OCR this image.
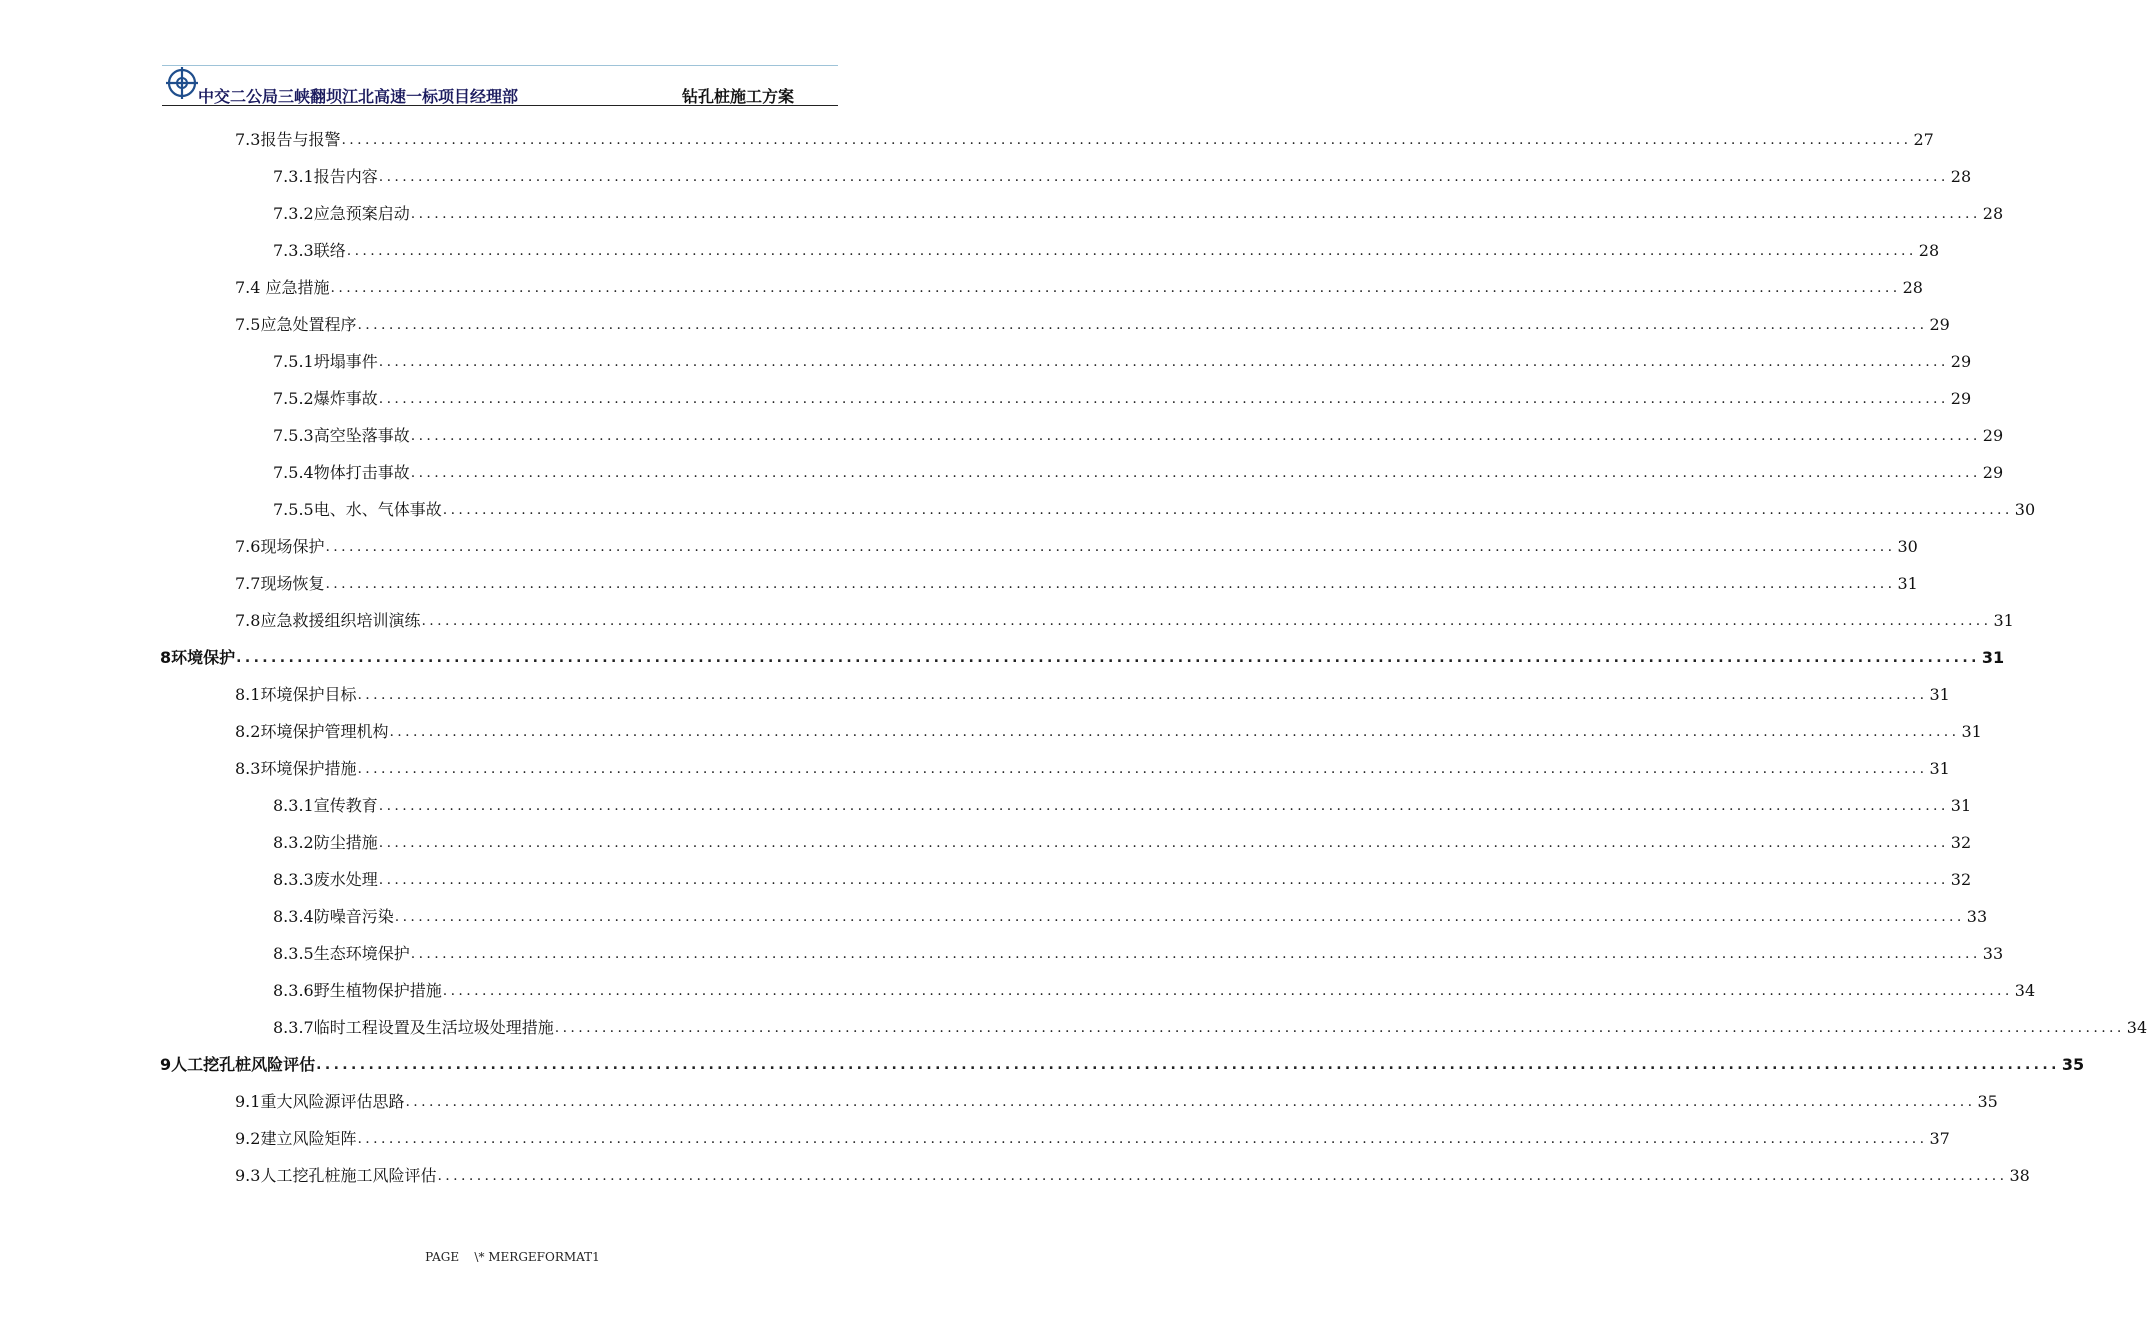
中交二公局三峡翻坝江北高速一标项目经理部	钻孔桩施工方案
7.3报告与报警 ........................................................................................................................................................................................................ 27
7.3.1报告内容 ........................................................................................................................................................................................................ 28
7.3.2应急预案启动 ........................................................................................................................................................................................................ 28
7.3.3联络 ........................................................................................................................................................................................................ 28
7.4 应急措施 ........................................................................................................................................................................................................ 28
7.5应急处置程序 ........................................................................................................................................................................................................ 29
7.5.1坍塌事件 ........................................................................................................................................................................................................ 29
7.5.2爆炸事故 ........................................................................................................................................................................................................ 29
7.5.3高空坠落事故 ........................................................................................................................................................................................................ 29
7.5.4物体打击事故 ........................................................................................................................................................................................................ 29
7.5.5电、水、气体事故 ........................................................................................................................................................................................................ 30
7.6现场保护 ........................................................................................................................................................................................................ 30
7.7现场恢复 ........................................................................................................................................................................................................ 31
7.8应急救援组织培训演练 ........................................................................................................................................................................................................ 31
8环境保护 ........................................................................................................................................................................................................ 31
8.1环境保护目标 ........................................................................................................................................................................................................ 31
8.2环境保护管理机构 ........................................................................................................................................................................................................ 31
8.3环境保护措施 ........................................................................................................................................................................................................ 31
8.3.1宣传教育 ........................................................................................................................................................................................................ 31
8.3.2防尘措施 ........................................................................................................................................................................................................ 32
8.3.3废水处理 ........................................................................................................................................................................................................ 32
8.3.4防噪音污染 ........................................................................................................................................................................................................ 33
8.3.5生态环境保护 ........................................................................................................................................................................................................ 33
8.3.6野生植物保护措施 ........................................................................................................................................................................................................ 34
8.3.7临时工程设置及生活垃圾处理措施 ........................................................................................................................................................................................................ 34
9人工挖孔桩风险评估 ........................................................................................................................................................................................................ 35
9.1重大风险源评估思路 ........................................................................................................................................................................................................ 35
9.2建立风险矩阵 ........................................................................................................................................................................................................ 37
9.3人工挖孔桩施工风险评估 ........................................................................................................................................................................................................ 38
PAGE    \* MERGEFORMAT1
